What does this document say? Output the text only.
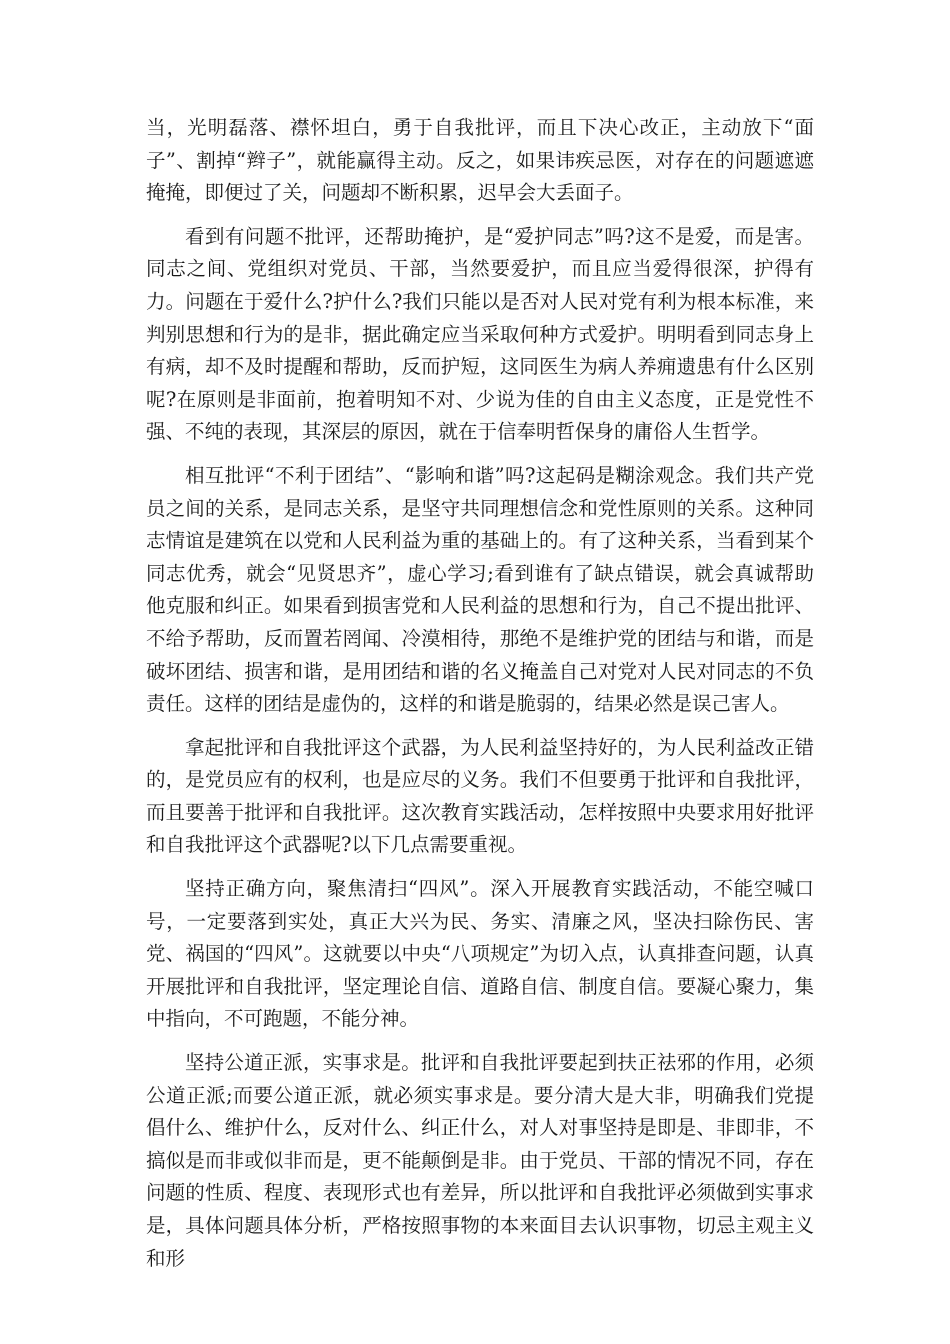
当，光明磊落、襟怀坦白，勇于自我批评，而且下决心改正，主动放下“面子”、割掉“辫子”，就能赢得主动。反之，如果讳疾忌医，对存在的问题遮遮掩掩，即便过了关，问题却不断积累，迟早会大丢面子。

看到有问题不批评，还帮助掩护，是“爱护同志”吗?这不是爱，而是害。同志之间、党组织对党员、干部，当然要爱护，而且应当爱得很深，护得有力。问题在于爱什么?护什么?我们只能以是否对人民对党有利为根本标准，来判别思想和行为的是非，据此确定应当采取何种方式爱护。明明看到同志身上有病，却不及时提醒和帮助，反而护短，这同医生为病人养痈遗患有什么区别呢?在原则是非面前，抱着明知不对、少说为佳的自由主义态度，正是党性不强、不纯的表现，其深层的原因，就在于信奉明哲保身的庸俗人生哲学。

相互批评“不利于团结”、“影响和谐”吗?这起码是糊涂观念。我们共产党员之间的关系，是同志关系，是坚守共同理想信念和党性原则的关系。这种同志情谊是建筑在以党和人民利益为重的基础上的。有了这种关系，当看到某个同志优秀，就会“见贤思齐”，虚心学习;看到谁有了缺点错误，就会真诚帮助他克服和纠正。如果看到损害党和人民利益的思想和行为，自己不提出批评、不给予帮助，反而置若罔闻、冷漠相待，那绝不是维护党的团结与和谐，而是破坏团结、损害和谐，是用团结和谐的名义掩盖自己对党对人民对同志的不负责任。这样的团结是虚伪的，这样的和谐是脆弱的，结果必然是误己害人。

拿起批评和自我批评这个武器，为人民利益坚持好的，为人民利益改正错的，是党员应有的权利，也是应尽的义务。我们不但要勇于批评和自我批评，而且要善于批评和自我批评。这次教育实践活动，怎样按照中央要求用好批评和自我批评这个武器呢?以下几点需要重视。

坚持正确方向，聚焦清扫“四风”。深入开展教育实践活动，不能空喊口号，一定要落到实处，真正大兴为民、务实、清廉之风，坚决扫除伤民、害党、祸国的“四风”。这就要以中央“八项规定”为切入点，认真排查问题，认真开展批评和自我批评，坚定理论自信、道路自信、制度自信。要凝心聚力，集中指向，不可跑题，不能分神。

坚持公道正派，实事求是。批评和自我批评要起到扶正祛邪的作用，必须公道正派;而要公道正派，就必须实事求是。要分清大是大非，明确我们党提倡什么、维护什么，反对什么、纠正什么，对人对事坚持是即是、非即非，不搞似是而非或似非而是，更不能颠倒是非。由于党员、干部的情况不同，存在问题的性质、程度、表现形式也有差异，所以批评和自我批评必须做到实事求是，具体问题具体分析，严格按照事物的本来面目去认识事物，切忌主观主义和形
